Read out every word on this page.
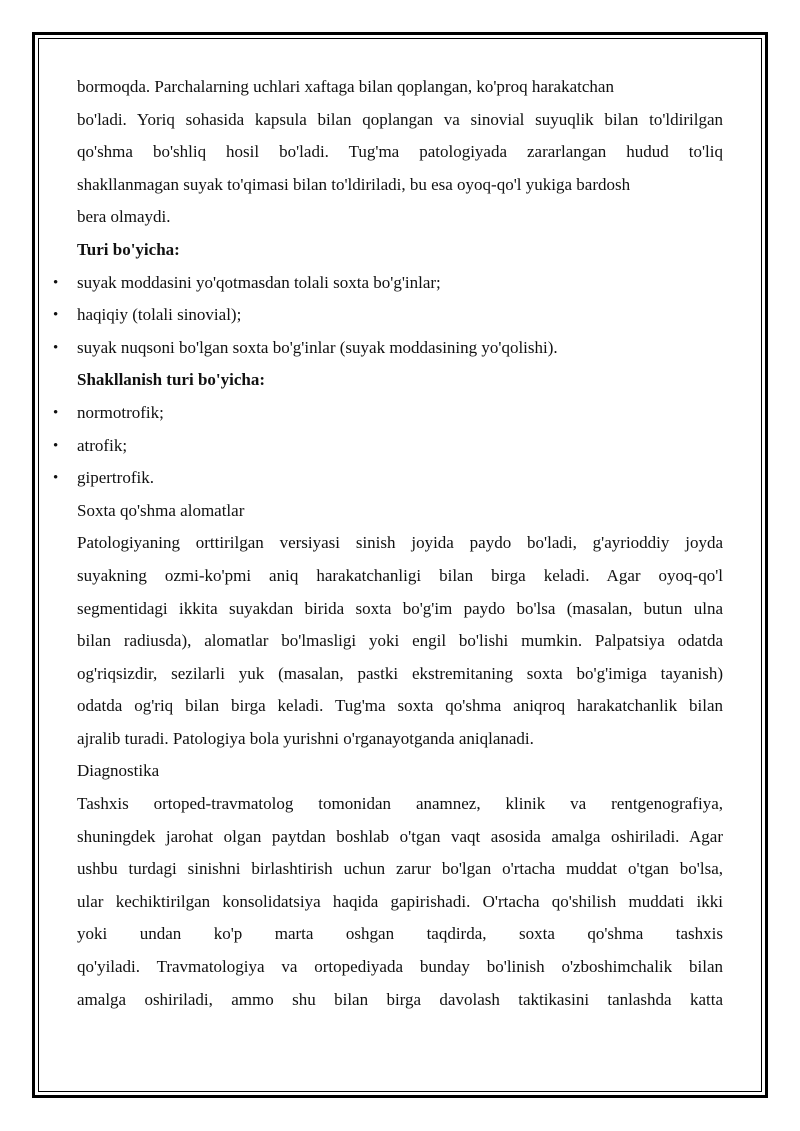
bormoqda. Parchalarning uchlari xaftaga bilan qoplangan, ko'proq harakatchan
bo'ladi. Yoriq sohasida kapsula bilan qoplangan va sinovial suyuqlik bilan to'ldirilgan
qo'shma bo'shliq hosil bo'ladi. Tug'ma patologiyada zararlangan hudud to'liq
shakllanmagan suyak to'qimasi bilan to'ldiriladi, bu esa oyoq-qo'l yukiga bardosh
bera olmaydi.
Turi bo'yicha:
• suyak moddasini yo'qotmasdan tolali soxta bo'g'inlar;
• haqiqiy (tolali sinovial);
• suyak nuqsoni bo'lgan soxta bo'g'inlar (suyak moddasining yo'qolishi).
Shakllanish turi bo'yicha:
• normotrofik;
• atrofik;
• gipertrofik.
Soxta qo'shma alomatlar
Patologiyaning orttirilgan versiyasi sinish joyida paydo bo'ladi, g'ayrioddiy joyda
suyakning ozmi-ko'pmi aniq harakatchanligi bilan birga keladi. Agar oyoq-qo'l
segmentidagi ikkita suyakdan birida soxta bo'g'im paydo bo'lsa (masalan, butun ulna
bilan radiusda), alomatlar bo'lmasligi yoki engil bo'lishi mumkin. Palpatsiya odatda
og'riqsizdir, sezilarli yuk (masalan, pastki ekstremitaning soxta bo'g'imiga tayanish)
odatda og'riq bilan birga keladi. Tug'ma soxta qo'shma aniqroq harakatchanlik bilan
ajralib turadi. Patologiya bola yurishni o'rganayotganda aniqlanadi.
Diagnostika
Tashxis ortoped-travmatolog tomonidan anamnez, klinik va rentgenografiya,
shuningdek jarohat olgan paytdan boshlab o'tgan vaqt asosida amalga oshiriladi. Agar
ushbu turdagi sinishni birlashtirish uchun zarur bo'lgan o'rtacha muddat o'tgan bo'lsa,
ular kechiktirilgan konsolidatsiya haqida gapirishadi. O'rtacha qo'shilish muddati ikki
yoki undan ko'p marta oshgan taqdirda, soxta qo'shma tashxis
qo'yiladi. Travmatologiya va ortopediyada bunday bo'linish o'zboshimchalik bilan
amalga oshiriladi, ammo shu bilan birga davolash taktikasini tanlashda katta
